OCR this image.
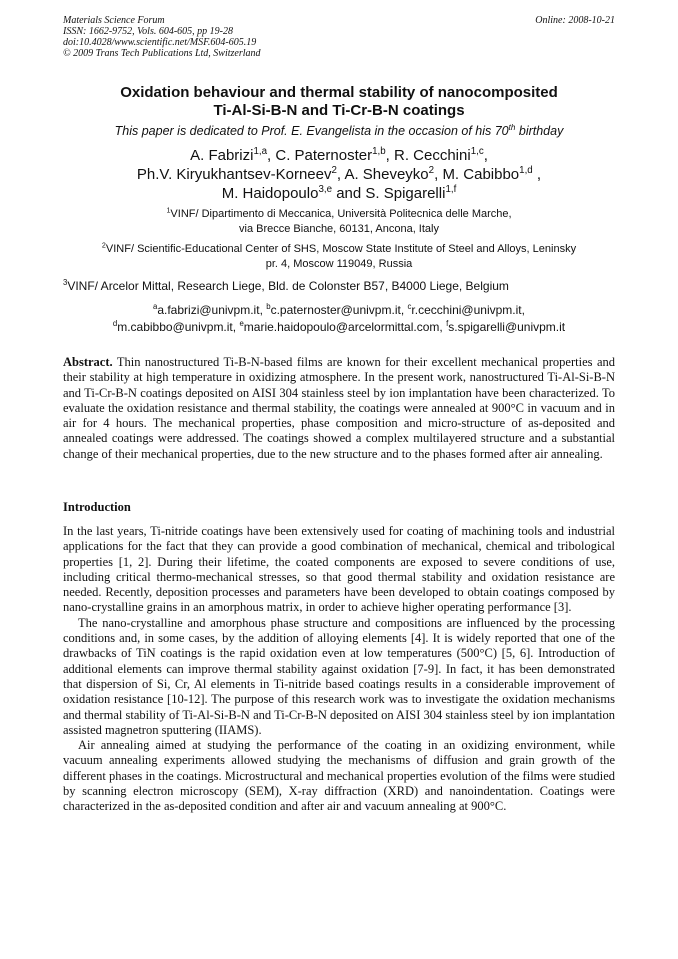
Materials Science Forum
ISSN: 1662-9752, Vols. 604-605, pp 19-28
doi:10.4028/www.scientific.net/MSF.604-605.19
© 2009 Trans Tech Publications Ltd, Switzerland
Online: 2008-10-21
Oxidation behaviour and thermal stability of nanocomposited
Ti-Al-Si-B-N and Ti-Cr-B-N coatings
This paper is dedicated to Prof. E. Evangelista in the occasion of his 70th birthday
A. Fabrizi$^{1,a}$, C. Paternoster$^{1,b}$, R. Cecchini$^{1,c}$,
Ph.V. Kiryukhantsev-Korneev$^2$, A. Sheveyko$^2$, M. Cabibbo$^{1,d}$ ,
M. Haidopoulo$^{3,e}$ and S. Spigarelli$^{1,f}$
$^1$VINF/ Dipartimento di Meccanica, Università Politecnica delle Marche,
via Brecce Bianche, 60131, Ancona, Italy
$^2$VINF/ Scientific-Educational Center of SHS, Moscow State Institute of Steel and Alloys, Leninsky
pr. 4, Moscow 119049, Russia
$^3$VINF/ Arcelor Mittal, Research Liege, Bld. de Colonster B57, B4000 Liege, Belgium
$^a$a.fabrizi@univpm.it, $^b$c.paternoster@univpm.it, $^c$r.cecchini@univpm.it,
$^d$m.cabibbo@univpm.it, $^e$marie.haidopoulo@arcelormittal.com, $^f$s.spigarelli@univpm.it
Abstract. Thin nanostructured Ti-B-N-based films are known for their excellent mechanical properties and their stability at high temperature in oxidizing atmosphere. In the present work, nanostructured Ti-Al-Si-B-N and Ti-Cr-B-N coatings deposited on AISI 304 stainless steel by ion implantation have been characterized. To evaluate the oxidation resistance and thermal stability, the coatings were annealed at 900°C in vacuum and in air for 4 hours. The mechanical properties, phase composition and micro-structure of as-deposited and annealed coatings were addressed. The coatings showed a complex multilayered structure and a substantial change of their mechanical properties, due to the new structure and to the phases formed after air annealing.
Introduction

In the last years, Ti-nitride coatings have been extensively used for coating of machining tools and industrial applications for the fact that they can provide a good combination of mechanical, chemical and tribological properties [1, 2]. During their lifetime, the coated components are exposed to severe conditions of use, including critical thermo-mechanical stresses, so that good thermal stability and oxidation resistance are needed. Recently, deposition processes and parameters have been developed to obtain coatings composed by nano-crystalline grains in an amorphous matrix, in order to achieve higher operating performance [3].

The nano-crystalline and amorphous phase structure and compositions are influenced by the processing conditions and, in some cases, by the addition of alloying elements [4]. It is widely reported that one of the drawbacks of TiN coatings is the rapid oxidation even at low temperatures (500°C) [5, 6]. Introduction of additional elements can improve thermal stability against oxidation [7-9]. In fact, it has been demonstrated that dispersion of Si, Cr, Al elements in Ti-nitride based coatings results in a considerable improvement of oxidation resistance [10-12]. The purpose of this research work was to investigate the oxidation mechanisms and thermal stability of Ti-Al-Si-B-N and Ti-Cr-B-N deposited on AISI 304 stainless steel by ion implantation assisted magnetron sputtering (IIAMS).

Air annealing aimed at studying the performance of the coating in an oxidizing environment, while vacuum annealing experiments allowed studying the mechanisms of diffusion and grain growth of the different phases in the coatings. Microstructural and mechanical properties evolution of the films were studied by scanning electron microscopy (SEM), X-ray diffraction (XRD) and nanoindentation. Coatings were characterized in the as-deposited condition and after air and vacuum annealing at 900°C.
